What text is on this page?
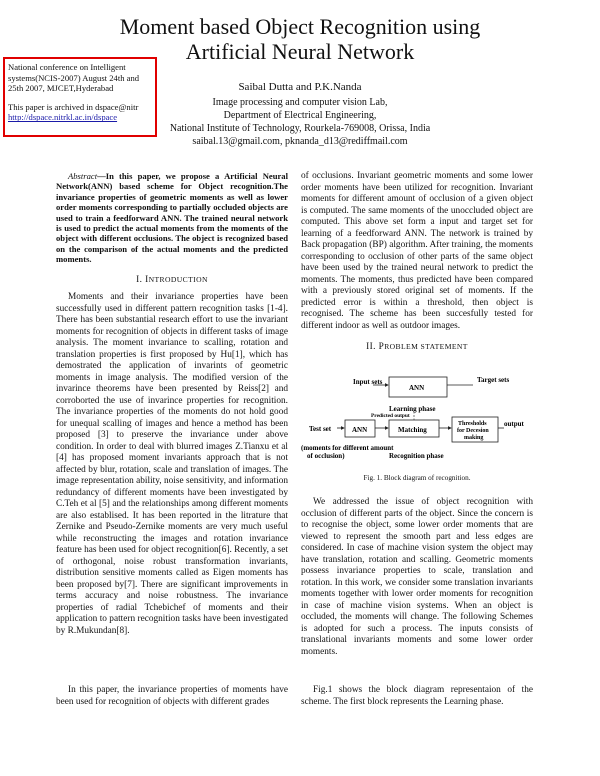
Moment based Object Recognition using
Artificial Neural Network
National conference on Intelligent
systems(NCIS-2007) August 24th and
25th 2007, MJCET,Hyderabad
This paper is archived in dspace@nitr
http://dspace.nitrkl.ac.in/dspace
Saibal Dutta and P.K.Nanda
Image processing and computer vision Lab,
Department of Electrical Engineering,
National Institute of Technology, Rourkela-769008, Orissa, India
saibal.13@gmail.com, pknanda_d13@rediffmail.com
Abstract—In this paper, we propose a Artificial Neural Network(ANN) based scheme for Object recognition.The invariance properties of geometric moments as well as lower order moments corresponding to partially occluded objects are used to train a feedforward ANN. The trained neural network is used to predict the actual moments from the moments of the object with different occlusions. The object is recognized based on the comparison of the actual moments and the predicted moments.
I. INTRODUCTION

Moments and their invariance properties have been successfully used in different pattern recognition tasks [1-4]. There has been substantial research effort to use the invariant moments for recognition of objects in different tasks of image analysis. The moment invariance to scalling, rotation and translation properties is first proposed by Hu[1], which has demostrated the application of invarints of geometric moments in image analysis. The modified version of the invarince theorems have been presented by Reiss[2] and corroborted the use of invarince properties for recognition. The invariance properties of the moments do not hold good for unequal scalling of images and hence a method has been proposed [3] to preserve the invariance under above condition. In order to deal with blurred images Z.Tianxu et al [4] has proposed moment invariants approach that is not affected by blur, rotation, scale and translation of images. The image representation ability, noise sensitivity, and information redundancy of different moments have been investigated by C.Teh et al [5] and the relationships among different moments are also establised. It has been reported in the litrature that Zernike and Pseudo-Zernike moments are very much useful while reconstructing the images and rotation invariance feature has been used for object recognition[6]. Recently, a set of orthogonal, noise robust transformation invariants, distribution sensitive moments called as Eigen moments has been proposed by[7]. There are significant improvements in terms accuracy and noise robustness. The invariance properties of radial Tchebichef of moments and their application to pattern recognition tasks have been investigated by R.Mukundan[8].

In this paper, the invariance properties of moments have been used for recognition of objects with different grades
of occlusions. Invariant geometric moments and some lower order moments have been utilized for recognition. Invariant moments for different amount of occlusion of a given object is computed. The same moments of the unoccluded object are computed. This above set form a input and target set for learning of a feedforward ANN. The network is trained by Back propagation (BP) algorithm. After training, the moments corresponding to occlusion of other parts of the same object have been used by the trained neural network to predict the moments. The moments, thus predicted have been compared with a previously stored original set of moments. If the predicted error is within a threshold, then object is recognised. The scheme has been succesfully tested for different indoor as well as outdoor images.
II. PROBLEM STATEMENT
Input sets
ANN
Target sets
Learning phase
Predicted output
Test set	ANN	Matching
Thresholds
for Decesion
making
output
(moments for different amount
of occlusion)	Recognition phase
Fig. 1. Block diagram of recognition.

We addressed the issue of object recognition with occlusion of different parts of the object. Since the concern is to recognise the object, some lower order moments that are viewed to represent the smooth part and less edges are considered. In case of machine vision system the object may have translation, rotation and scalling. Geometric moments possess invariance properties to scale, translation and rotation. In this work, we consider some translation invariants moments together with lower order moments for recognition in case of machine vision systems. When an object is occluded, the moments will change. The following Schemes is adopted for such a process. The inputs consists of translational invariants moments and some lower order moments.

Fig.1 shows the block diagram representaion of the scheme. The first block represents the Learning phase.
